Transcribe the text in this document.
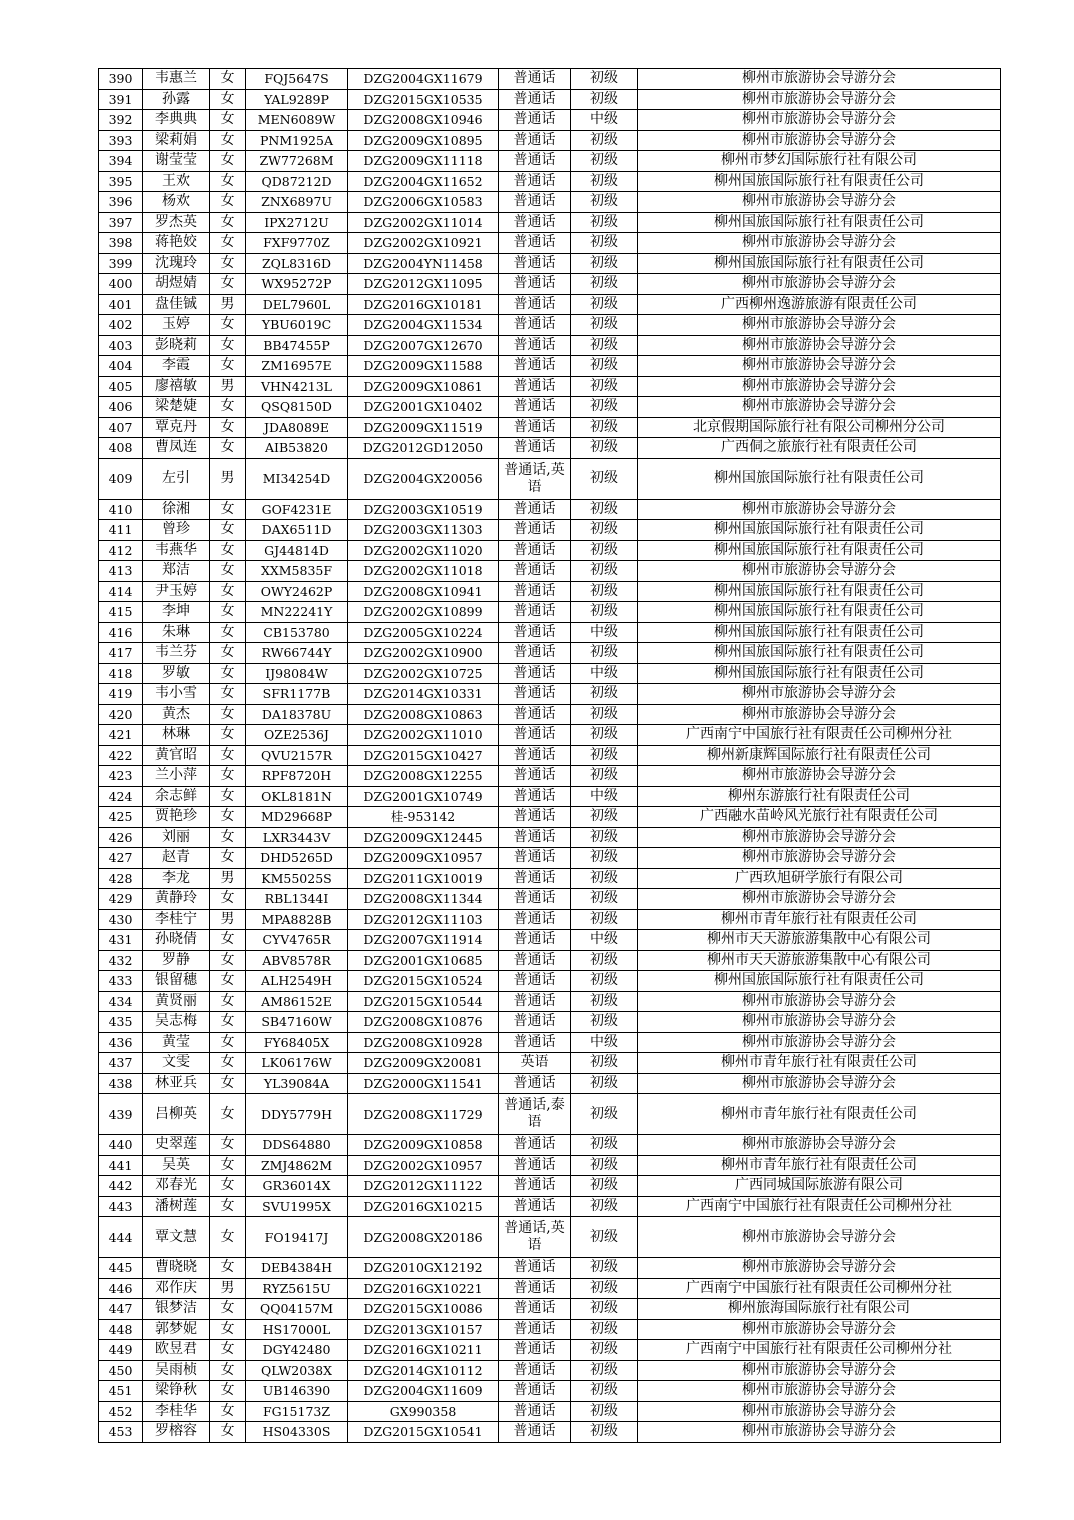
390	韦惠兰	女	FQJ5647S	DZG2004GX11679	普通话	初级	柳州市旅游协会导游分会
391	孙露	女	YAL9289P	DZG2015GX10535	普通话	初级	柳州市旅游协会导游分会
392	李典典	女	MEN6089W	DZG2008GX10946	普通话	中级	柳州市旅游协会导游分会
393	梁莉娟	女	PNM1925A	DZG2009GX10895	普通话	初级	柳州市旅游协会导游分会
394	谢莹莹	女	ZW77268M	DZG2009GX11118	普通话	初级	柳州市梦幻国际旅行社有限公司
395	王欢	女	QD87212D	DZG2004GX11652	普通话	初级	柳州国旅国际旅行社有限责任公司
396	杨欢	女	ZNX6897U	DZG2006GX10583	普通话	初级	柳州市旅游协会导游分会
397	罗杰英	女	IPX2712U	DZG2002GX11014	普通话	初级	柳州国旅国际旅行社有限责任公司
398	蒋艳姣	女	FXF9770Z	DZG2002GX10921	普通话	初级	柳州市旅游协会导游分会
399	沈瑰玲	女	ZQL8316D	DZG2004YN11458	普通话	初级	柳州国旅国际旅行社有限责任公司
400	胡煜婧	女	WX95272P	DZG2012GX11095	普通话	初级	柳州市旅游协会导游分会
401	盘佳铖	男	DEL7960L	DZG2016GX10181	普通话	初级	广西柳州逸游旅游有限责任公司
402	玉婷	女	YBU6019C	DZG2004GX11534	普通话	初级	柳州市旅游协会导游分会
403	彭晓莉	女	BB47455P	DZG2007GX12670	普通话	初级	柳州市旅游协会导游分会
404	李霞	女	ZM16957E	DZG2009GX11588	普通话	初级	柳州市旅游协会导游分会
405	廖禧敏	男	VHN4213L	DZG2009GX10861	普通话	初级	柳州市旅游协会导游分会
406	梁楚婕	女	QSQ8150D	DZG2001GX10402	普通话	初级	柳州市旅游协会导游分会
407	覃克丹	女	JDA8089E	DZG2009GX11519	普通话	初级	北京假期国际旅行社有限公司柳州分公司
408	曹凤连	女	AIB53820	DZG2012GD12050	普通话	初级	广西侗之旅旅行社有限责任公司
409	左引	男	MI34254D	DZG2004GX20056	普通话,英语	初级	柳州国旅国际旅行社有限责任公司
410	徐湘	女	GOF4231E	DZG2003GX10519	普通话	初级	柳州市旅游协会导游分会
411	曾珍	女	DAX6511D	DZG2003GX11303	普通话	初级	柳州国旅国际旅行社有限责任公司
412	韦燕华	女	GJ44814D	DZG2002GX11020	普通话	初级	柳州国旅国际旅行社有限责任公司
413	郑洁	女	XXM5835F	DZG2002GX11018	普通话	初级	柳州市旅游协会导游分会
414	尹玉婷	女	OWY2462P	DZG2008GX10941	普通话	初级	柳州国旅国际旅行社有限责任公司
415	李坤	女	MN22241Y	DZG2002GX10899	普通话	初级	柳州国旅国际旅行社有限责任公司
416	朱琳	女	CB153780	DZG2005GX10224	普通话	中级	柳州国旅国际旅行社有限责任公司
417	韦兰芬	女	RW66744Y	DZG2002GX10900	普通话	初级	柳州国旅国际旅行社有限责任公司
418	罗敏	女	IJ98084W	DZG2002GX10725	普通话	中级	柳州国旅国际旅行社有限责任公司
419	韦小雪	女	SFR1177B	DZG2014GX10331	普通话	初级	柳州市旅游协会导游分会
420	黄杰	女	DA18378U	DZG2008GX10863	普通话	初级	柳州市旅游协会导游分会
421	林琳	女	OZE2536J	DZG2002GX11010	普通话	初级	广西南宁中国旅行社有限责任公司柳州分社
422	黄官昭	女	QVU2157R	DZG2015GX10427	普通话	初级	柳州新康辉国际旅行社有限责任公司
423	兰小萍	女	RPF8720H	DZG2008GX12255	普通话	初级	柳州市旅游协会导游分会
424	余志鲜	女	OKL8181N	DZG2001GX10749	普通话	中级	柳州东游旅行社有限责任公司
425	贾艳珍	女	MD29668P	桂-953142	普通话	初级	广西融水苗岭风光旅行社有限责任公司
426	刘丽	女	LXR3443V	DZG2009GX12445	普通话	初级	柳州市旅游协会导游分会
427	赵青	女	DHD5265D	DZG2009GX10957	普通话	初级	柳州市旅游协会导游分会
428	李龙	男	KM55025S	DZG2011GX10019	普通话	初级	广西玖旭研学旅行有限公司
429	黄静玲	女	RBL1344I	DZG2008GX11344	普通话	初级	柳州市旅游协会导游分会
430	李桂宁	男	MPA8828B	DZG2012GX11103	普通话	初级	柳州市青年旅行社有限责任公司
431	孙晓倩	女	CYV4765R	DZG2007GX11914	普通话	中级	柳州市天天游旅游集散中心有限公司
432	罗静	女	ABV8578R	DZG2001GX10685	普通话	初级	柳州市天天游旅游集散中心有限公司
433	银留穗	女	ALH2549H	DZG2015GX10524	普通话	初级	柳州国旅国际旅行社有限责任公司
434	黄贤丽	女	AM86152E	DZG2015GX10544	普通话	初级	柳州市旅游协会导游分会
435	吴志梅	女	SB47160W	DZG2008GX10876	普通话	初级	柳州市旅游协会导游分会
436	黄莹	女	FY68405X	DZG2008GX10928	普通话	中级	柳州市旅游协会导游分会
437	文雯	女	LK06176W	DZG2009GX20081	英语	初级	柳州市青年旅行社有限责任公司
438	林亚兵	女	YL39084A	DZG2000GX11541	普通话	初级	柳州市旅游协会导游分会
439	吕柳英	女	DDY5779H	DZG2008GX11729	普通话,泰语	初级	柳州市青年旅行社有限责任公司
440	史翠莲	女	DDS64880	DZG2009GX10858	普通话	初级	柳州市旅游协会导游分会
441	吴英	女	ZMJ4862M	DZG2002GX10957	普通话	初级	柳州市青年旅行社有限责任公司
442	邓春光	女	GR36014X	DZG2012GX11122	普通话	初级	广西同城国际旅游有限公司
443	潘树莲	女	SVU1995X	DZG2016GX10215	普通话	初级	广西南宁中国旅行社有限责任公司柳州分社
444	覃文慧	女	FO19417J	DZG2008GX20186	普通话,英语	初级	柳州市旅游协会导游分会
445	曹晓晓	女	DEB4384H	DZG2010GX12192	普通话	初级	柳州市旅游协会导游分会
446	邓作庆	男	RYZ5615U	DZG2016GX10221	普通话	初级	广西南宁中国旅行社有限责任公司柳州分社
447	银梦洁	女	QQ04157M	DZG2015GX10086	普通话	初级	柳州旅海国际旅行社有限公司
448	郭梦妮	女	HS17000L	DZG2013GX10157	普通话	初级	柳州市旅游协会导游分会
449	欧昱君	女	DGY42480	DZG2016GX10211	普通话	初级	广西南宁中国旅行社有限责任公司柳州分社
450	吴雨桢	女	QLW2038X	DZG2014GX10112	普通话	初级	柳州市旅游协会导游分会
451	梁铮秋	女	UB146390	DZG2004GX11609	普通话	初级	柳州市旅游协会导游分会
452	李桂华	女	FG15173Z	GX990358	普通话	初级	柳州市旅游协会导游分会
453	罗榕容	女	HS04330S	DZG2015GX10541	普通话	初级	柳州市旅游协会导游分会
